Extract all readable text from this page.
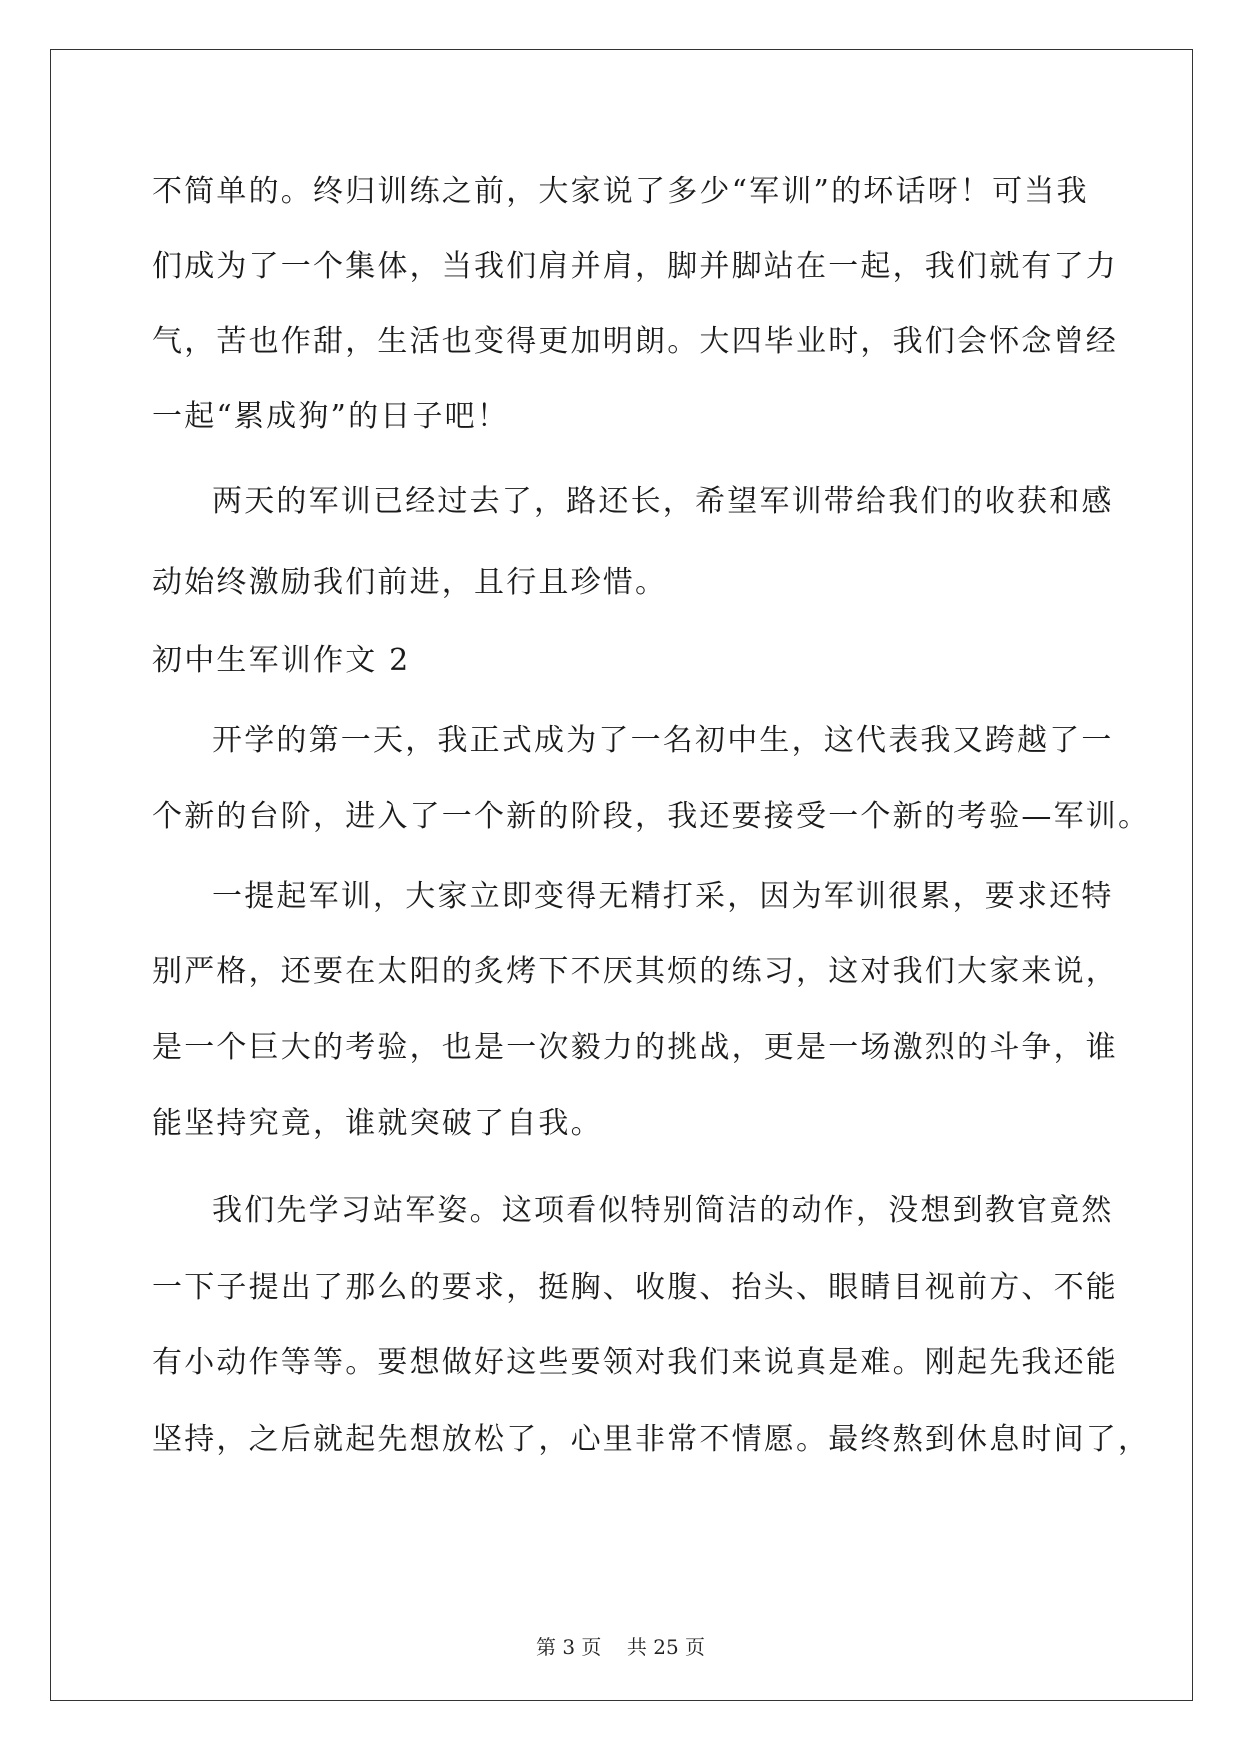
不简单的。终归训练之前，大家说了多少“军训”的坏话呀！可当我

们成为了一个集体，当我们肩并肩，脚并脚站在一起，我们就有了力

气，苦也作甜，生活也变得更加明朗。大四毕业时，我们会怀念曾经

一起“累成狗”的日子吧！

两天的军训已经过去了，路还长，希望军训带给我们的收获和感

动始终激励我们前进，且行且珍惜。

初中生军训作文 2

开学的第一天，我正式成为了一名初中生，这代表我又跨越了一

个新的台阶，进入了一个新的阶段，我还要接受一个新的考验—军训。

一提起军训，大家立即变得无精打采，因为军训很累，要求还特

别严格，还要在太阳的炙烤下不厌其烦的练习，这对我们大家来说，

是一个巨大的考验，也是一次毅力的挑战，更是一场激烈的斗争，谁

能坚持究竟，谁就突破了自我。

我们先学习站军姿。这项看似特别简洁的动作，没想到教官竟然

一下子提出了那么的要求，挺胸、收腹、抬头、眼睛目视前方、不能

有小动作等等。要想做好这些要领对我们来说真是难。刚起先我还能

坚持，之后就起先想放松了，心里非常不情愿。最终熬到休息时间了，

第 3 页 共 25 页
